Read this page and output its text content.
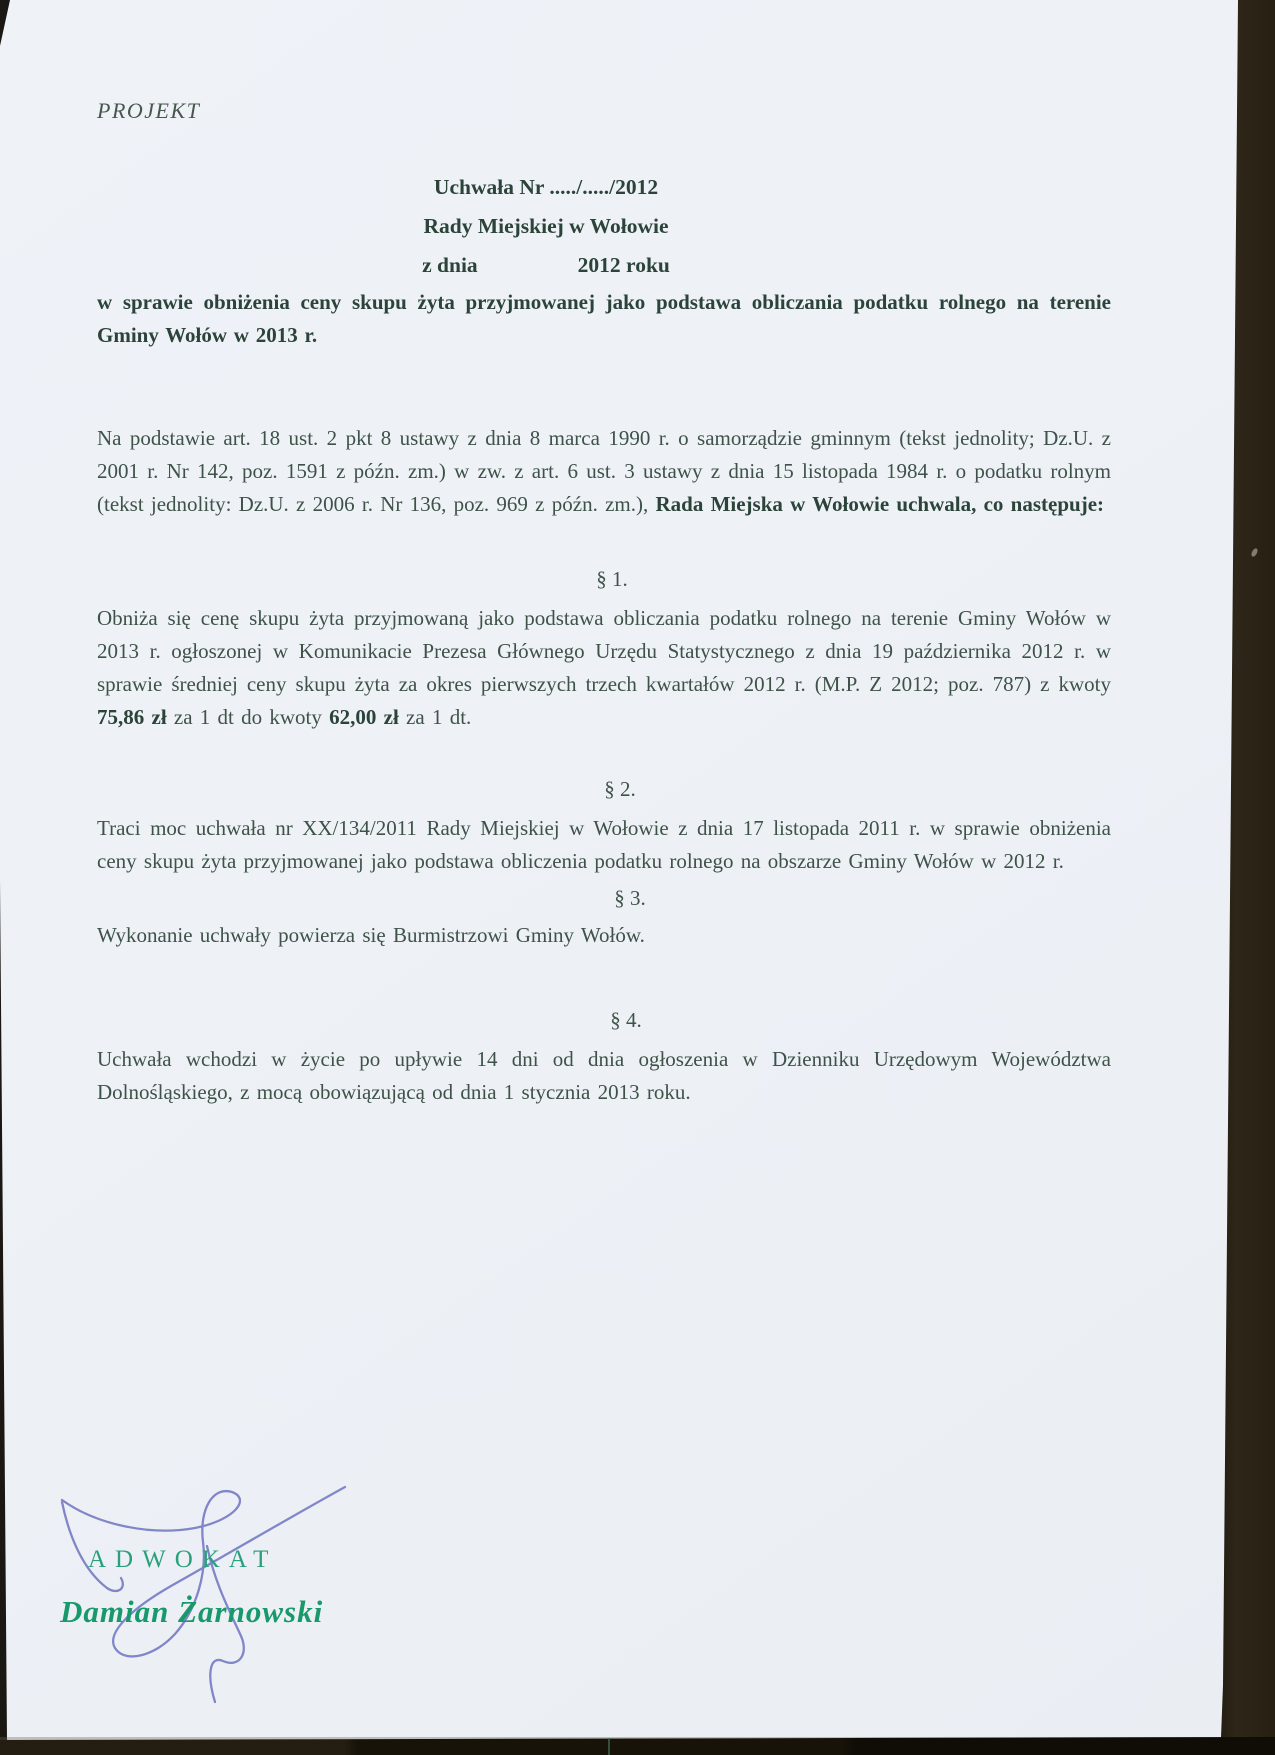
PROJEKT
Uchwała Nr ...../...../2012
Rady Miejskiej w Wołowie
z dnia	2012 roku
w sprawie obniżenia ceny skupu żyta przyjmowanej jako podstawa obliczania podatku rolnego na terenie Gminy Wołów w 2013 r.
Na podstawie art. 18 ust. 2 pkt 8 ustawy z dnia 8 marca 1990 r. o samorządzie gminnym (tekst jednolity; Dz.U. z 2001 r. Nr 142, poz. 1591 z późn. zm.) w zw. z art. 6 ust. 3 ustawy z dnia 15 listopada 1984 r. o podatku rolnym (tekst jednolity: Dz.U. z 2006 r. Nr 136, poz. 969 z późn. zm.), Rada Miejska w Wołowie uchwala, co następuje:
§ 1.
Obniża się cenę skupu żyta przyjmowaną jako podstawa obliczania podatku rolnego na terenie Gminy Wołów w 2013 r. ogłoszonej w Komunikacie Prezesa Głównego Urzędu Statystycznego z dnia 19 października 2012 r. w sprawie średniej ceny skupu żyta za okres pierwszych trzech kwartałów 2012 r. (M.P. Z 2012; poz. 787) z kwoty 75,86 zł za 1 dt do kwoty 62,00 zł za 1 dt.
§ 2.
Traci moc uchwała nr XX/134/2011 Rady Miejskiej w Wołowie z dnia 17 listopada 2011 r. w sprawie obniżenia ceny skupu żyta przyjmowanej jako podstawa obliczenia podatku rolnego na obszarze Gminy Wołów w 2012 r.
§ 3.
Wykonanie uchwały powierza się Burmistrzowi Gminy Wołów.
§ 4.
Uchwała wchodzi w życie po upływie 14 dni od dnia ogłoszenia w Dzienniku Urzędowym Województwa Dolnośląskiego, z mocą obowiązującą od dnia 1 stycznia 2013 roku.
ADWOKAT
Damian Żarnowski
